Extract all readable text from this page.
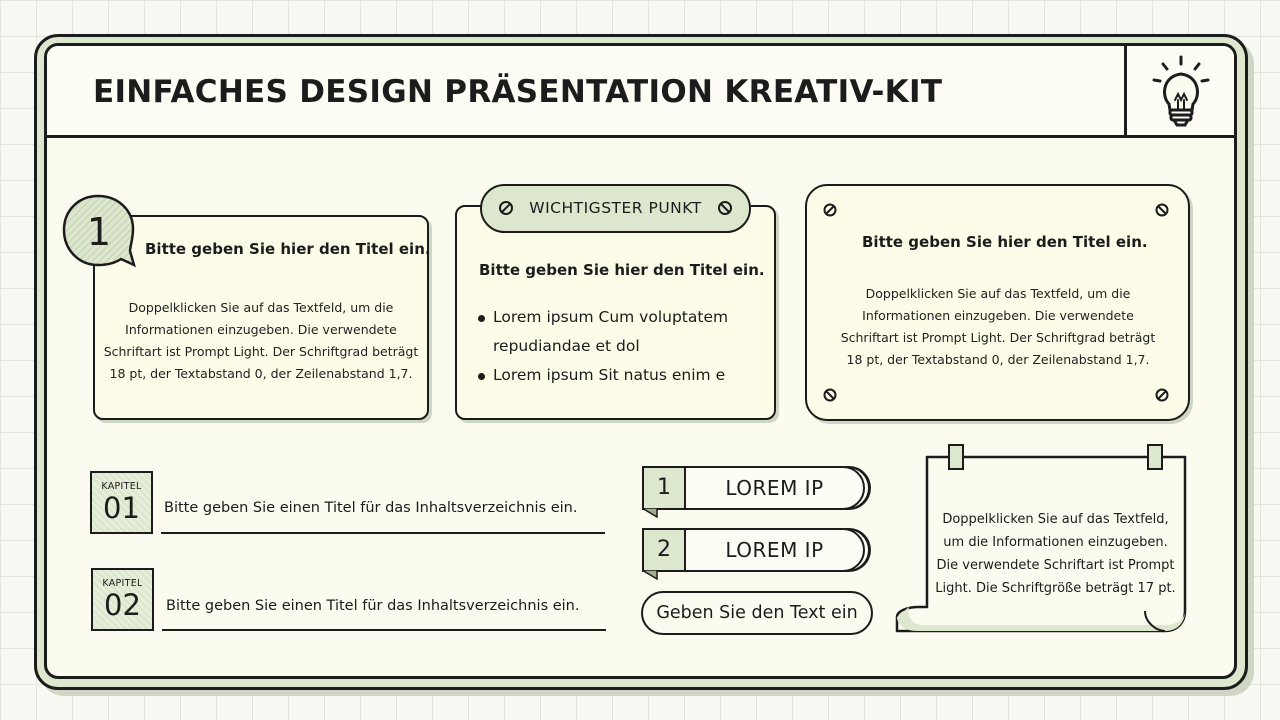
EINFACHES DESIGN PRÄSENTATION KREATIV-KIT
1	Bitte geben Sie hier den Titel ein.
Doppelklicken Sie auf das Textfeld, um die
Informationen einzugeben. Die verwendete
Schriftart ist Prompt Light. Der Schriftgrad beträgt
18 pt, der Textabstand 0, der Zeilenabstand 1,7.
WICHTIGSTER PUNKT
Bitte geben Sie hier den Titel ein.
Lorem ipsum Cum voluptatem
repudiandae et dol
Lorem ipsum Sit natus enim e
Bitte geben Sie hier den Titel ein.
Doppelklicken Sie auf das Textfeld, um die
Informationen einzugeben. Die verwendete
Schriftart ist Prompt Light. Der Schriftgrad beträgt
18 pt, der Textabstand 0, der Zeilenabstand 1,7.
KAPITEL
01	Bitte geben Sie einen Titel für das Inhaltsverzeichnis ein.
KAPITEL
02	Bitte geben Sie einen Titel für das Inhaltsverzeichnis ein.
1	LOREM IP
2	LOREM IP
Geben Sie den Text ein
Doppelklicken Sie auf das Textfeld,
um die Informationen einzugeben.
Die verwendete Schriftart ist Prompt
Light. Die Schriftgröße beträgt 17 pt.
